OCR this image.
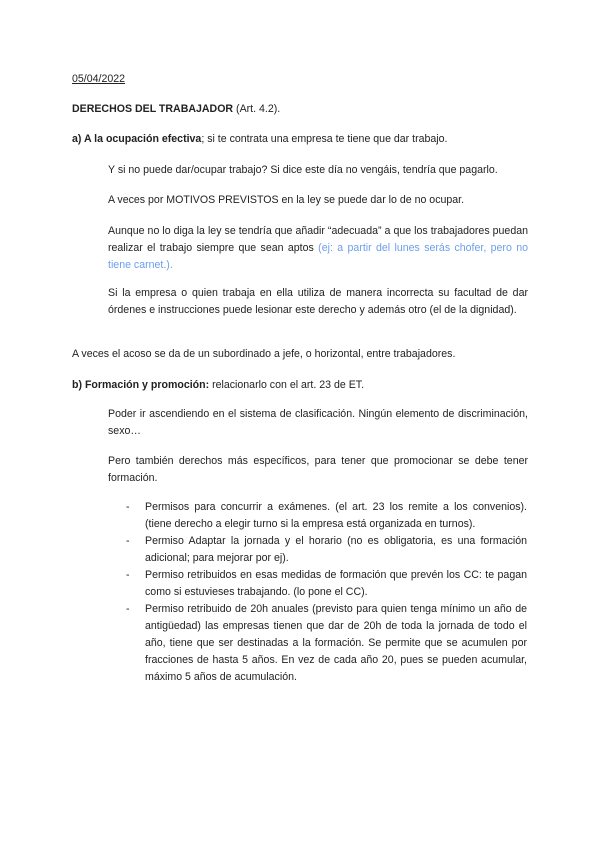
05/04/2022

DERECHOS DEL TRABAJADOR (Art. 4.2).

a) A la ocupación efectiva; si te contrata una empresa te tiene que dar trabajo.

Y si no puede dar/ocupar trabajo? Si dice este día no vengáis, tendría que pagarlo.

A veces por MOTIVOS PREVISTOS en la ley se puede dar lo de no ocupar.

Aunque no lo diga la ley se tendría que añadir “adecuada” a que los trabajadores puedan realizar el trabajo siempre que sean aptos (ej: a partir del lunes serás chofer, pero no tiene carnet.).

Si la empresa o quien trabaja en ella utiliza de manera incorrecta su facultad de dar órdenes e instrucciones puede lesionar este derecho y además otro (el de la dignidad).

A veces el acoso se da de un subordinado a jefe, o horizontal, entre trabajadores.

b) Formación y promoción: relacionarlo con el art. 23 de ET.

Poder ir ascendiendo en el sistema de clasificación. Ningún elemento de discriminación, sexo…

Pero también derechos más específicos, para tener que promocionar se debe tener formación.

- Permisos para concurrir a exámenes. (el art. 23 los remite a los convenios). (tiene derecho a elegir turno si la empresa está organizada en turnos).
- Permiso Adaptar la jornada y el horario (no es obligatoria, es una formación adicional; para mejorar por ej).
- Permiso retribuidos en esas medidas de formación que prevén los CC: te pagan como si estuvieses trabajando. (lo pone el CC).
- Permiso retribuido de 20h anuales (previsto para quien tenga mínimo un año de antigüedad) las empresas tienen que dar de 20h de toda la jornada de todo el año, tiene que ser destinadas a la formación. Se permite que se acumulen por fracciones de hasta 5 años. En vez de cada año 20, pues se pueden acumular, máximo 5 años de acumulación.
